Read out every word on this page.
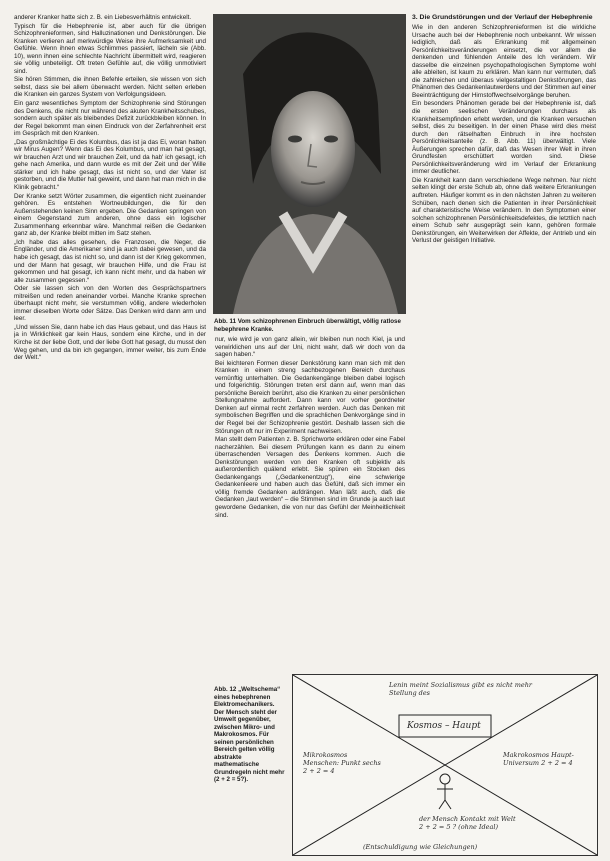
anderer Kranker hatte sich z. B. ein Liebesverhältnis entwickelt.

Typisch für die Hebephrenie ist, aber auch für die übrigen Schizophrenieformen, sind Halluzinationen und Denkstörungen. Die Kranken verlieren auf merkwürdige Weise ihre Aufmerksamkeit und Gefühle. Wenn ihnen etwas Schlimmes passiert, lächeln sie (Abb. 10), wenn ihnen eine schlechte Nachricht übermittelt wird, reagieren sie völlig unbeteiligt. Oft treten Gefühle auf, die völlig unmotiviert sind.

Sie hören Stimmen, die ihnen Befehle erteilen, sie wissen von sich selbst, dass sie bei allem überwacht werden. Nicht selten erleben die Kranken ein ganzes System von Verfolgungsideen.

Ein ganz wesentliches Symptom der Schizophrenie sind Störungen des Denkens, die nicht nur während des akuten Krankheitsschubes, sondern auch später als bleibendes Defizit zurückbleiben können. In der Regel bekommt man einen Eindruck von der Zerfahrenheit erst im Gespräch mit den Kranken.

„Das großmächtige Ei des Kolumbus, das ist ja das Ei, woran hatten wir Mirus Augen? Wenn das Ei des Kolumbus, und man hat gesagt, wir brauchen Arzt und wir brauchen Zeit, und da hab' ich gesagt, ich gehe nach Amerika, und dann wurde es mit der Zeit und der Wille stärker und ich habe gesagt, das ist nicht so, und der Vater ist gestorben, und die Mutter hat geweint, und dann hat man mich in die Klinik gebracht.“

Der Kranke setzt Wörter zusammen, die eigentlich nicht zueinander gehören. Es entstehen Wortneubildungen, die für den Außenstehenden keinen Sinn ergeben. Die Gedanken springen von einem Gegenstand zum anderen, ohne dass ein logischer Zusammenhang erkennbar wäre. Manchmal reißen die Gedanken ganz ab, der Kranke bleibt mitten im Satz stehen.

„Ich habe das alles gesehen, die Franzosen, die Neger, die Engländer, und die Amerikaner sind ja auch dabei gewesen, und da habe ich gesagt, das ist nicht so, und dann ist der Krieg gekommen, und der Mann hat gesagt, wir brauchen Hilfe, und die Frau ist gekommen und hat gesagt, ich kann nicht mehr, und da haben wir alle zusammen gegessen.“

Oder sie lassen sich von den Worten des Gesprächspartners mitreißen und reden aneinander vorbei. Manche Kranke sprechen überhaupt nicht mehr, sie verstummen völlig, andere wiederholen immer dieselben Worte oder Sätze. Das Denken wird dann arm und leer.

„Und wissen Sie, dann habe ich das Haus gebaut, und das Haus ist ja in Wirklichkeit gar kein Haus, sondern eine Kirche, und in der Kirche ist der liebe Gott, und der liebe Gott hat gesagt, du musst den Weg gehen, und da bin ich gegangen, immer weiter, bis zum Ende der Welt.“

Abb. 11 Vom schizophrenen Einbruch überwältigt, völlig ratlose hebephrene Kranke.

nur, wie wird je von ganz allein, wir bleiben nun noch Kiel, ja und verwirklichen uns auf der Uni, nicht wahr, daß wir doch von da sagen haben.“

Bei leichteren Formen dieser Denkstörung kann man sich mit den Kranken in einem streng sachbezogenen Bereich durchaus vernünftig unterhalten. Die Gedankengänge bleiben dabei logisch und folgerichtig. Störungen treten erst dann auf, wenn man das persönliche Bereich berührt, also die Kranken zu einer persönlichen Stellungnahme auffordert. Dann kann vor vorher geordneter Denken auf einmal recht zerfahren werden. Auch das Denken mit symbolischen Begriffen und die sprachlichen Denkvorgänge sind in der Regel bei der Schizophrenie gestört. Deshalb lassen sich die Störungen oft nur im Experiment nachweisen.

Man stellt dem Patienten z. B. Sprichworte erklären oder eine Fabel nacherzählen. Bei diesem Prüfungen kann es dann zu einem überraschenden Versagen des Denkens kommen. Auch die Denkstörungen werden von den Kranken oft subjektiv als außerordentlich quälend erlebt. Sie spüren ein Stocken des Gedankengangs („Gedankenentzug“), eine schwierige Gedankenleere und haben auch das Gefühl, daß sich immer ein völlig fremde Gedanken aufdrängen. Man läßt auch, daß die Gedanken „laut werden“ – die Stimmen sind im Grunde ja auch laut gewordene Gedanken, die von nur das Gefühl der Meinheitlichkeit sind.

3. Die Grundstörungen und der Verlauf der Hebephrenie

Wie in den anderen Schizophrenieformen ist die wirkliche Ursache auch bei der Hebephrenie noch unbekannt. Wir wissen lediglich, daß als Erkrankung mit allgemeinen Persönlichkeitsveränderungen einsetzt, die vor allem die denkenden und fühlenden Anteile des Ich verändern. Wir dasselbe die einzelnen psychopathologischen Symptome wohl alle ableiten, ist kaum zu erklären. Man kann nur vermuten, daß die zahlreichen und überaus vielgestaltigen Denkstörungen, das Phänomen des Gedankenlautwerdens und der Stimmen auf einer Beeinträchtigung der Hirnstoffwechselvorgänge beruhen.

Ein besonders Phänomen gerade bei der Hebephrenie ist, daß die ersten seelischen Veränderungen durchaus als Krankheitsempfinden erlebt werden, und die Kranken versuchen selbst, dies zu beseitigen. In der einen Phase wird dies meist durch den rätselhaften Einbruch in ihre hochsten Persönlichkeitsanteile (z. B. Abb. 11) überwältigt. Viele Äußerungen sprechen dafür, daß das Wesen ihrer Welt in ihren Grundfesten erschüttert worden sind. Diese Persönlichkeitsveränderung wird im Verlauf der Erkrankung immer deutlicher.

Die Krankheit kann dann verschiedene Wege nehmen. Nur nicht selten klingt der erste Schub ab, ohne daß weitere Erkrankungen auftreten. Häufiger kommt es in den nächsten Jahren zu weiteren Schüben, nach denen sich die Patienten in ihrer Persönlichkeit auf charakteristische Weise verändern. In den Symptomen einer solchen schizophrenen Persönlichkeitsdefektes, die letztlich nach einem Schub sehr ausgeprägt sein kann, gehören formale Denkstörungen, ein Weiterwirken der Affekte, der Antrieb und ein Verlust der geistigen Initiative.

Abb. 12 „Weltschema“ eines hebephrenen Elektromechanikers. Der Mensch steht der Umwelt gegenüber, zwischen Mikro- und Makrokosmos. Für seinen persönlichen Bereich gelten völlig abstrakte mathematische Grundregeln nicht mehr (2 + 2 = 5?).
Lenin meint Sozialismus gibt es nicht mehr Stellung des
Kosmos – Haupt
Mikrokosmos Menschen: Punkt sechs 2 + 2 = 4
Makrokosmos Haupt-Universum 2 + 2 = 4
der Mensch Kontakt mit Welt 2 + 2 = 5 ? (ohne Ideal)
(Entschuldigung wie Gleichungen)
